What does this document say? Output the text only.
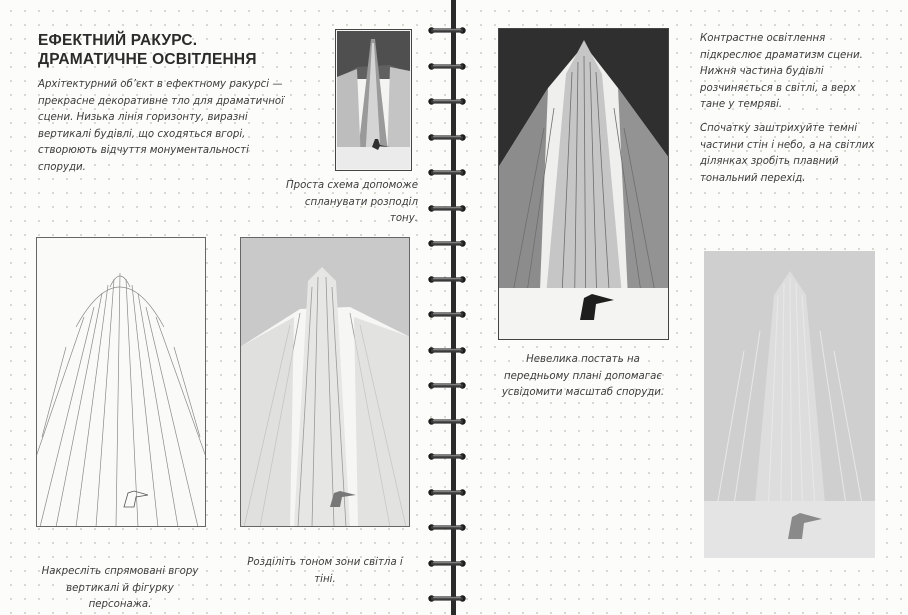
ЕФЕКТНИЙ РАКУРС.
ДРАМАТИЧНЕ ОСВІТЛЕННЯ

Архітектурний об’єкт в ефектному ракурсі — прекрасне декоративне тло для драматичної сцени. Низька лінія горизонту, виразні вертикалі будівлі, що сходяться вгорі, створюють відчуття монументальності споруди.

Проста схема допоможе спланувати розподіл тону.

Накресліть спрямовані вгору вертикалі й фігурку персонажа.

Розділіть тоном зони світла і тіні.

Невелика постать на передньому плані допомагає усвідомити масштаб споруди.

Контрастне освітлення підкреслює драматизм сцени. Нижня частина будівлі розчиняється в світлі, а верх тане у темряві.

Спочатку заштрихуйте темні частини стін і небо, а на світлих ділянках зробіть плавний тональний перехід.
